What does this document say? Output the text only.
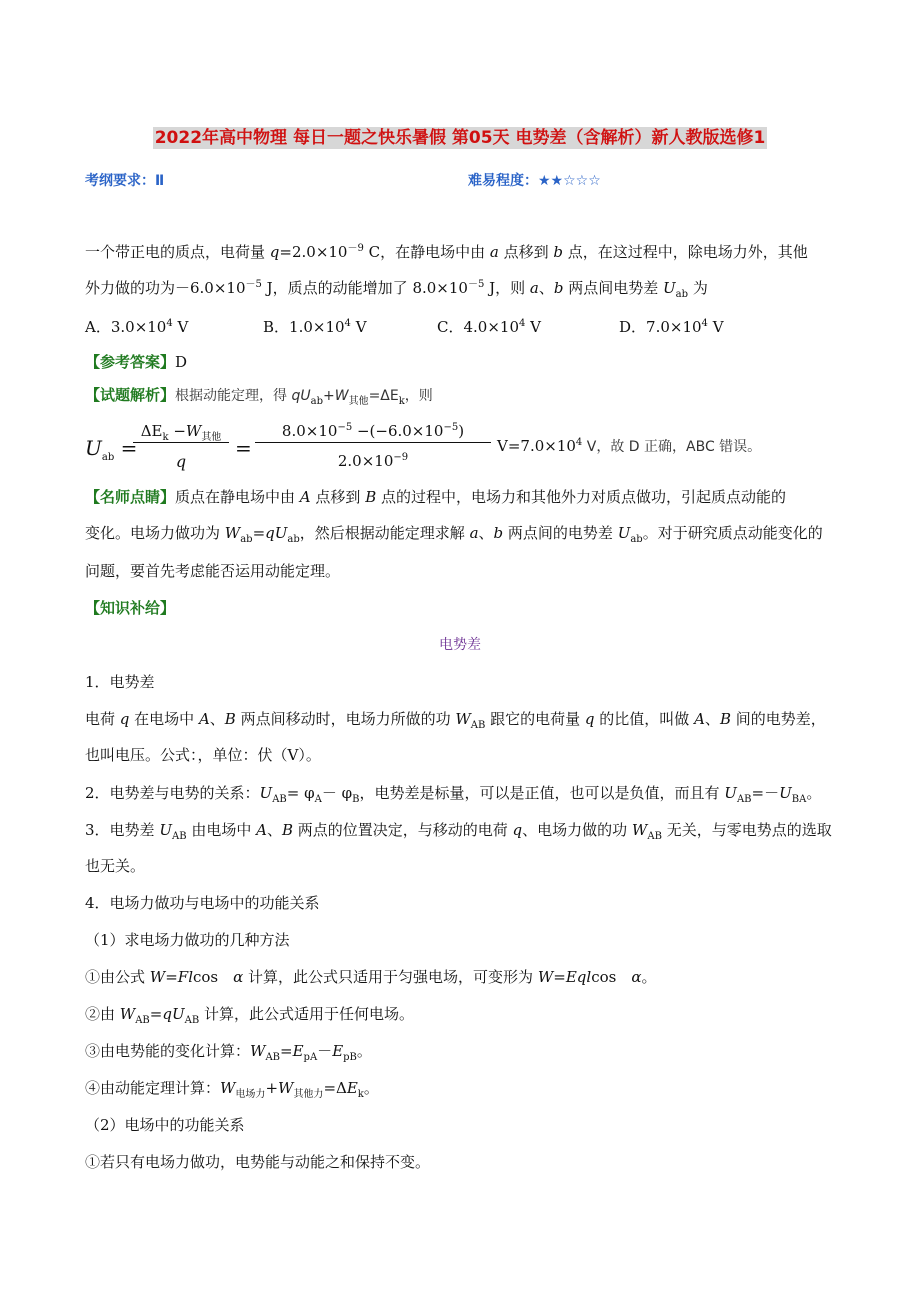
2022年高中物理 每日一题之快乐暑假 第05天 电势差（含解析）新人教版选修1
考纲要求：Ⅱ	难易程度：★★☆☆☆
一个带正电的质点，电荷量 $q=2.0\times 10^{-9}$ C，在静电场中由 a 点移到 b 点，在这过程中，除电场力外，其他
外力做的功为$-6.0\times 10^{-5}$ J，质点的动能增加了 $8.0\times 10^{-5}$ J，则 a、b 两点间电势差 $U_{ab}$ 为
A．$3.0\times 10^4$ V	B．$1.0\times 10^4$ V	C．$4.0\times 10^4$ V	D．$7.0\times 10^4$ V
【参考答案】D
【试题解析】根据动能定理，得 $qU_{ab}+W_{其他}=\Delta E_k$，则
$U_{ab}$ =
$\Delta E_k -W_{其他}$
q
=
$8.0\times 10^{-5} -(-6.0\times 10^{-5})$
$2.0\times 10^{-9}$
$V=7.0\times 10^4$ V，故 D 正确，ABC 错误。
【名师点睛】质点在静电场中由 A 点移到 B 点的过程中，电场力和其他外力对质点做功，引起质点动能的
变化。电场力做功为 $W_{ab}=qU_{ab}$，然后根据动能定理求解 a、b 两点间的电势差 $U_{ab}$。对于研究质点动能变化的
问题，要首先考虑能否运用动能定理。
【知识补给】
电势差
1．电势差
电荷 q 在电场中 A、B 两点间移动时，电场力所做的功 $W_{AB}$ 跟它的电荷量 q 的比值，叫做 A、B 间的电势差，
也叫电压。公式：，单位：伏（V）。
2．电势差与电势的关系：$U_{AB}= \varphi_A- \varphi_B$，电势差是标量，可以是正值，也可以是负值，而且有 $U_{AB}=-U_{BA}$。
3．电势差 $U_{AB}$ 由电场中 A、B 两点的位置决定，与移动的电荷 q、电场力做的功 $W_{AB}$ 无关，与零电势点的选取
也无关。
4．电场力做功与电场中的功能关系
（1）求电场力做功的几种方法
①由公式 W=Flcos　α 计算，此公式只适用于匀强电场，可变形为 W=Eqlcos　α。
②由 $W_{AB}=qU_{AB}$ 计算，此公式适用于任何电场。
③由电势能的变化计算：$W_{AB}=E_{pA}-E_{pB}$。
④由动能定理计算：$W_{电场力}+W_{其他力}=\Delta E_k$。
（2）电场中的功能关系
①若只有电场力做功，电势能与动能之和保持不变。
